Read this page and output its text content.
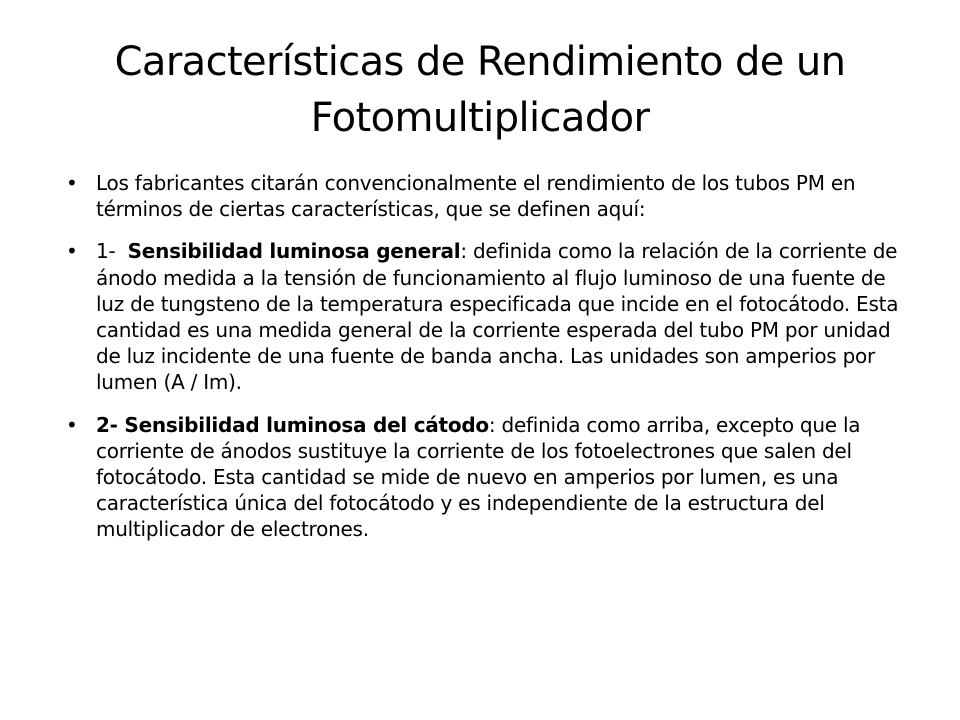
Características de Rendimiento de un Fotomultiplicador
• Los fabricantes citarán convencionalmente el rendimiento de los tubos PM en términos de ciertas características, que se definen aquí:
• 1-  Sensibilidad luminosa general: definida como la relación de la corriente de ánodo medida a la tensión de funcionamiento al flujo luminoso de una fuente de luz de tungsteno de la temperatura especificada que incide en el fotocátodo. Esta cantidad es una medida general de la corriente esperada del tubo PM por unidad de luz incidente de una fuente de banda ancha. Las unidades son amperios por lumen (A / Im).
• 2- Sensibilidad luminosa del cátodo: definida como arriba, excepto que la corriente de ánodos sustituye la corriente de los fotoelectrones que salen del fotocátodo. Esta cantidad se mide de nuevo en amperios por lumen, es una característica única del fotocátodo y es independiente de la estructura del multiplicador de electrones.
